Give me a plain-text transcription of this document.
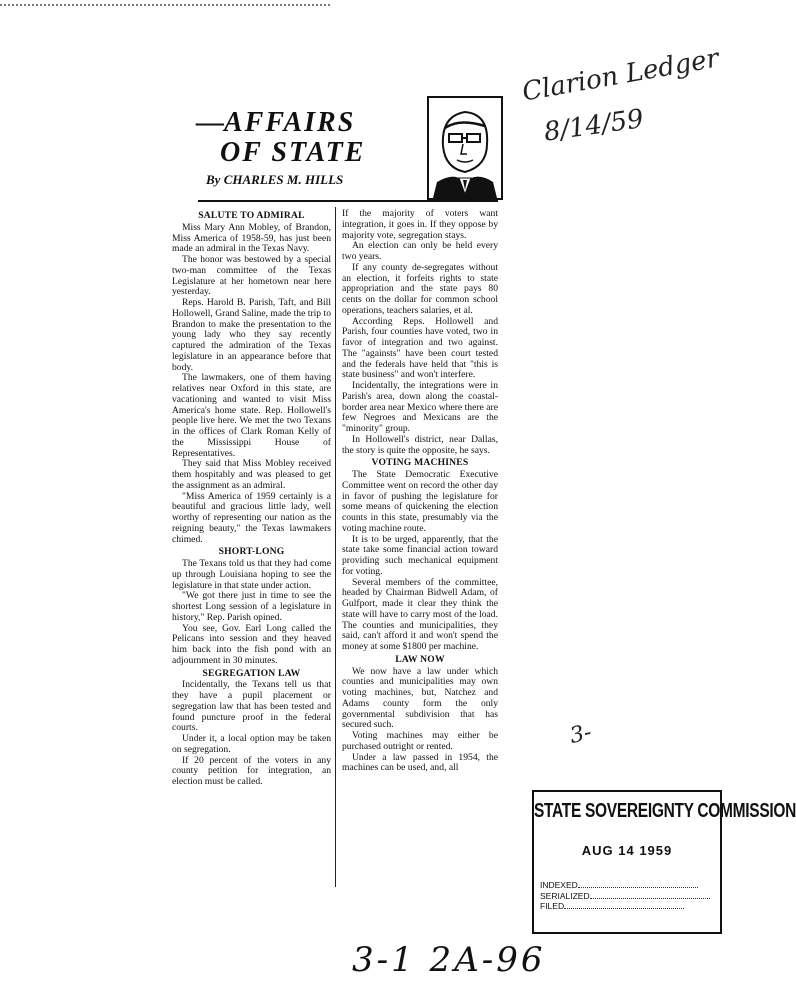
—AFFAIRS
OF STATE
By CHARLES M. HILLS
Clarion Ledger
8/14/59
3-
SALUTE TO ADMIRAL

Miss Mary Ann Mobley, of Brandon, Miss America of 1958-59, has just been made an admiral in the Texas Navy.

The honor was bestowed by a special two-man committee of the Texas Legislature at her hometown near here yesterday.

Reps. Harold B. Parish, Taft, and Bill Hollowell, Grand Saline, made the trip to Brandon to make the presentation to the young lady who they say recently captured the admiration of the Texas legislature in an appearance before that body.

The lawmakers, one of them having relatives near Oxford in this state, are vacationing and wanted to visit Miss America's home state. Rep. Hollowell's people live here. We met the two Texans in the offices of Clark Roman Kelly of the Mississippi House of Representatives.

They said that Miss Mobley received them hospitably and was pleased to get the assignment as an admiral.

"Miss America of 1959 certainly is a beautiful and gracious little lady, well worthy of representing our nation as the reigning beauty," the Texas lawmakers chimed.

SHORT-LONG

The Texans told us that they had come up through Louisiana hoping to see the legislature in that state under action.

"We got there just in time to see the shortest Long session of a legislature in history," Rep. Parish opined.

You see, Gov. Earl Long called the Pelicans into session and they heaved him back into the fish pond with an adjournment in 30 minutes.

SEGREGATION LAW

Incidentally, the Texans tell us that they have a pupil placement or segregation law that has been tested and found puncture proof in the federal courts.

Under it, a local option may be taken on segregation.

If 20 percent of the voters in any county petition for integration, an election must be called.

If the majority of voters want integration, it goes in. If they oppose by majority vote, segregation stays.

An election can only be held every two years.

If any county de-segregates without an election, it forfeits rights to state appropriation and the state pays 80 cents on the dollar for common school operations, teachers salaries, et al.

According Reps. Hollowell and Parish, four counties have voted, two in favor of integration and two against. The "againsts" have been court tested and the federals have held that "this is state business" and won't interfere.

Incidentally, the integrations were in Parish's area, down along the coastal-border area near Mexico where there are few Negroes and Mexicans are the "minority" group.

In Hollowell's district, near Dallas, the story is quite the opposite, he says.

VOTING MACHINES

The State Democratic Executive Committee went on record the other day in favor of pushing the legislature for some means of quickening the election counts in this state, presumably via the voting machine route.

It is to be urged, apparently, that the state take some financial action toward providing such mechanical equipment for voting.

Several members of the committee, headed by Chairman Bidwell Adam, of Gulfport, made it clear they think the state will have to carry most of the load. The counties and municipalities, they said, can't afford it and won't spend the money at some $1800 per machine.

LAW NOW

We now have a law under which counties and municipalities may own voting machines, but, Natchez and Adams county form the only governmental subdivision that has secured such.

Voting machines may either be purchased outright or rented.

Under a law passed in 1954, the machines can be used, and, all

STATE SOVEREIGNTY COMMISSION
AUG 14 1959
INDEXED
SERIALIZED
FILED
3-1 2A-96
